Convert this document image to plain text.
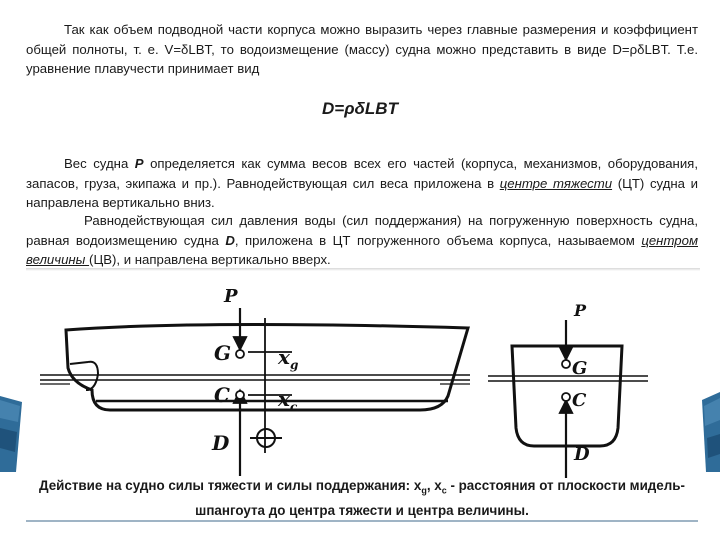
Так как объем подводной части корпуса можно выразить через главные размерения и коэффициент общей полноты, т. е. V=δLBT, то водоизмещение (массу) судна можно представить в виде D=ρδLBT. Т.е. уравнение плавучести принимает вид

D=ρδLBT

Вес судна Р определяется как сумма весов всех его частей (корпуса, механизмов, оборудования, запасов, груза, экипажа и пр.). Равнодействующая сил веса приложена в центре тяжести (ЦТ) судна и направлена вертикально вниз.

Равнодействующая сил давления воды (сил поддержания) на погруженную поверхность судна, равная водоизмещению судна D, приложена в ЦТ погруженного объема корпуса, называемом центром величины (ЦВ), и направлена вертикально вверх.

P
G
C
D
$x_g$
$x_c$
P
G
C
D
Действие на судно силы тяжести и силы поддержания: $x_g$, $x_c$ - расстояния от плоскости мидель-шпангоута до центра тяжести и центра величины.
